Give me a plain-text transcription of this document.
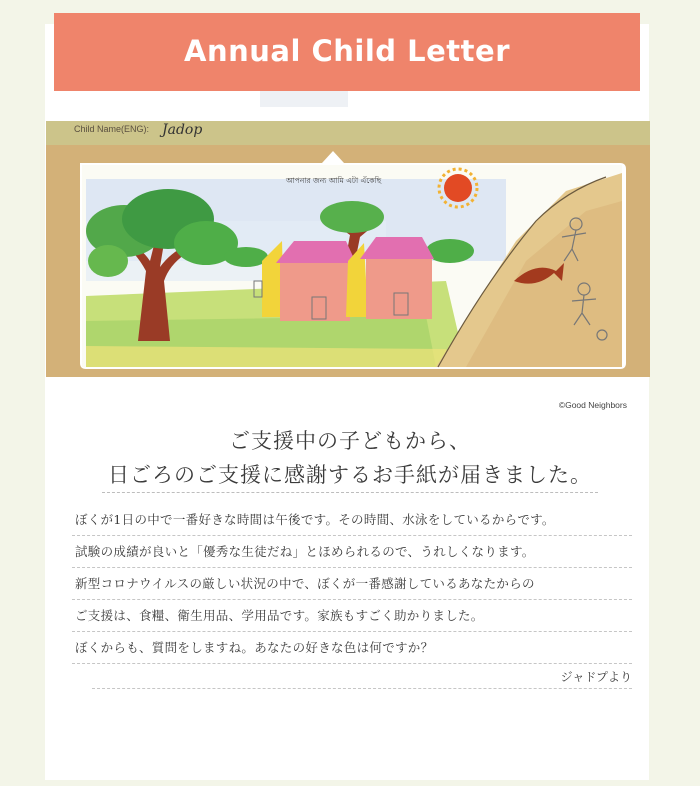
Annual Child Letter
Child Name(ENG): Jadop
আপনার জন্য আমি এটা এঁকেছি
©Good Neighbors
ご支援中の子どもから、
日ごろのご支援に感謝するお手紙が届きました。
ぼくが1日の中で一番好きな時間は午後です。その時間、水泳をしているからです。
試験の成績が良いと「優秀な生徒だね」とほめられるので、うれしくなります。
新型コロナウイルスの厳しい状況の中で、ぼくが一番感謝しているあなたからの
ご支援は、食糧、衛生用品、学用品です。家族もすごく助かりました。
ぼくからも、質問をしますね。あなたの好きな色は何ですか？
ジャドプより
